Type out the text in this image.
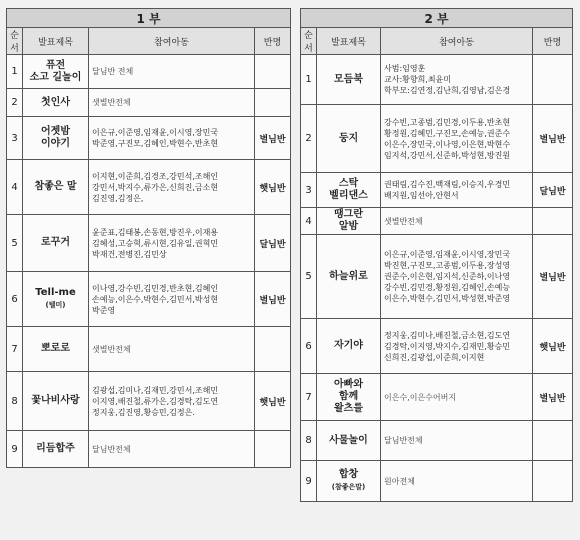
1 부			
순서	발표제목	참여아동	반명
1	퓨전
소고 길놀이	달님반 전체	

2	첫인사	샛별반전체	

3	어젯밤
이야기	이은규,이준영,임재윤,이시영,장민국
박준영,구진모,김혜인,박현수,반초현	별님반
4	참좋은 말	이지현,이준희,김경조,강민석,조해인
강민서,박지수,류가은,신희진,금소현
김진영,김정은,	햇님반
5	로꾸거	윤준표,김태봉,손동현,방진우,이재용
김혜성,고승혁,류시현,김유일,권혁민
박재건,전병진,김민상	달님반
6	Tell-me
(텔미)	이나영,강수빈,김민경,반초현,김혜인
손예능,이은수,박현수,김민서,박성현
박준영	별님반
7	뽀로로	샛별반전체	

8	꽃나비사랑	김광섭,김미나,김재민,강민서,조해민
이지영,배진철,류가은,김경탁,김도연
정지웅,김진영,황승민,김정은.	햇님반
9	리듬합주	달님반전체	

2 부			
순서	발표제목	참여아동	반명
1	모듬북	사범:임영훈
교사:황향희,최윤미
학부모:김연정,김난희,김영남,김은경	

2	둥지	강수빈,고종범,김민경,이두용,반초현
황정원,김혜민,구진모,손예능,권준수
이은수,장민국,이나영,이은현,박현수
임지석,강민서,신준하,박성현,방진원	별님반
3	스탁
벨리댄스	권태림,김수진,백재림,이승지,우경민
배지원,임선아,안현서	달님반
4	땡그란
알밤	샛별반전체	

5	하늘위로	이은규,이준영,임재윤,이시영,장민국
박진현,구진모,고종범,이두용,장성영
권준수,이은현,임지석,신준하,이나영
강수빈,김민경,황정원,김혜인,손예능
이은수,박현수,김민서,박성현,박준영	별님반
6	자기야	정지웅,김미나,배진철,금소현,김도연
김경탁,이지영,박지수,김재민,황승민
신희진,김광섭,이준희,이지현	햇님반
7	아빠와
함께
왈츠를	이은수,이은수어버지	별님반
8	사물놀이	달님반전체	

9	합창
(참좋은말)	원아전체	
